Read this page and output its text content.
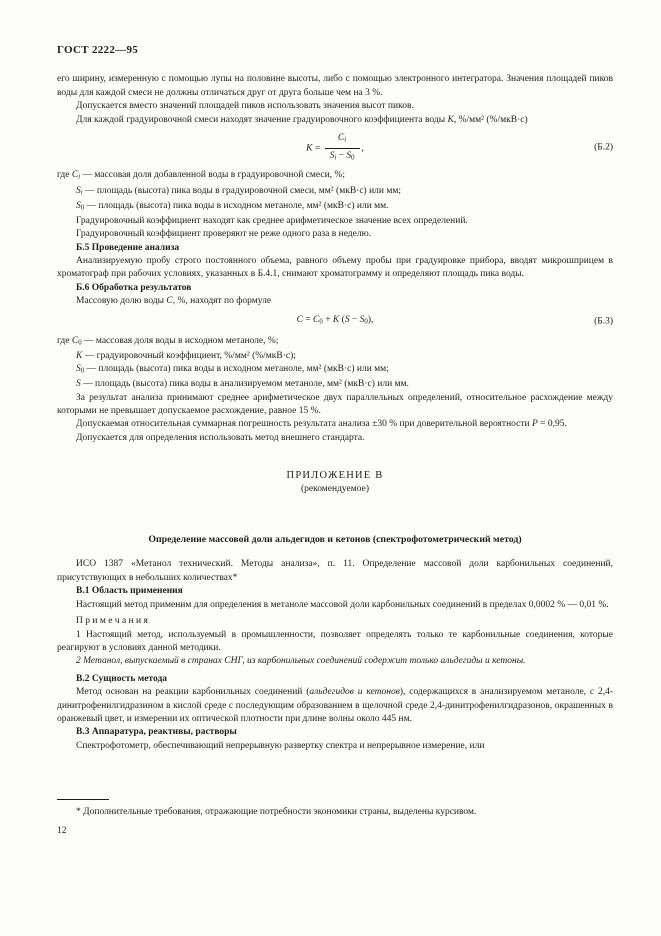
ГОСТ 2222—95

его ширину, измеренную с помощью лупы на половине высоты, либо с помощью электронного интегратора. Значения площадей пиков воды для каждой смеси не должны отличаться друг от друга больше чем на 3 %.

Допускается вместо значений площадей пиков использовать значения высот пиков.

Для каждой градуировочной смеси находят значение градуировочного коэффициента воды K, %/мм² (%/мкВ·с)

$K = \frac{Ci}{Si - S0}$ ,	(Б.2)

где Ci — массовая доля добавленной воды в градуировочной смеси, %;

Si — площадь (высота) пика воды в градуировочной смеси, мм² (мкВ·с) или мм;

S0 — площадь (высота) пика воды в исходном метаноле, мм² (мкВ·с) или мм.

Градуировочный коэффициент находят как среднее арифметическое значение всех определений.

Градуировочный коэффициент проверяют не реже одного раза в неделю.

Б.5 Проведение анализа

Анализируемую пробу строго постоянного объема, равного объему пробы при градуировке прибора, вводят микрошприцем в хроматограф при рабочих условиях, указанных в Б.4.1, снимают хроматограмму и определяют площадь пика воды.

Б.6 Обработка результатов

Массовую долю воды C, %, находят по формуле

C = C0 + K (S − S0),	(Б.3)

где C0 — массовая доля воды в исходном метаноле, %;

K — градуировочный коэффициент, %/мм² (%/мкВ·с);

S0 — площадь (высота) пика воды в исходном метаноле, мм² (мкВ·с) или мм;

S — площадь (высота) пика воды в анализируемом метаноле, мм² (мкВ·с) или мм.

За результат анализа принимают среднее арифметическое двух параллельных определений, относительное расхождение между которыми не превышает допускаемое расхождение, равное 15 %.

Допускаемая относительная суммарная погрешность результата анализа ±30 % при доверительной вероятности P = 0,95.

Допускается для определения использовать метод внешнего стандарта.

ПРИЛОЖЕНИЕ В

(рекомендуемое)

Определение массовой доли альдегидов и кетонов (спектрофотометрический метод)

ИСО 1387 «Метанол технический. Методы анализа», п. 11. Определение массовой доли карбонильных соединений, присутствующих в небольших количествах*

В.1 Область применения

Настоящий метод применим для определения в метаноле массовой доли карбонильных соединений в пределах 0,0002 % — 0,01 %.

П р и м е ч а н и я

1 Настоящий метод, используемый в промышленности, позволяет определять только те карбонильные соединения, которые реагируют в условиях данной методики.

2 Метанол, выпускаемый в странах СНГ, из карбонильных соединений содержит только альдегиды и кетоны.

В.2 Сущность метода

Метод основан на реакции карбонильных соединений (альдегидов и кетонов), содержащихся в анализируемом метаноле, с 2,4-динитрофенилгидразином в кислой среде с последующим образованием в щелочной среде 2,4-динитрофенилгидразонов, окрашенных в оранжевый цвет, и измерении их оптической плотности при длине волны около 445 нм.

В.3 Аппаратура, реактивы, растворы

Спектрофотометр, обеспечивающий непрерывную развертку спектра и непрерывное измерение, или

* Дополнительные требования, отражающие потребности экономики страны, выделены курсивом.

12
